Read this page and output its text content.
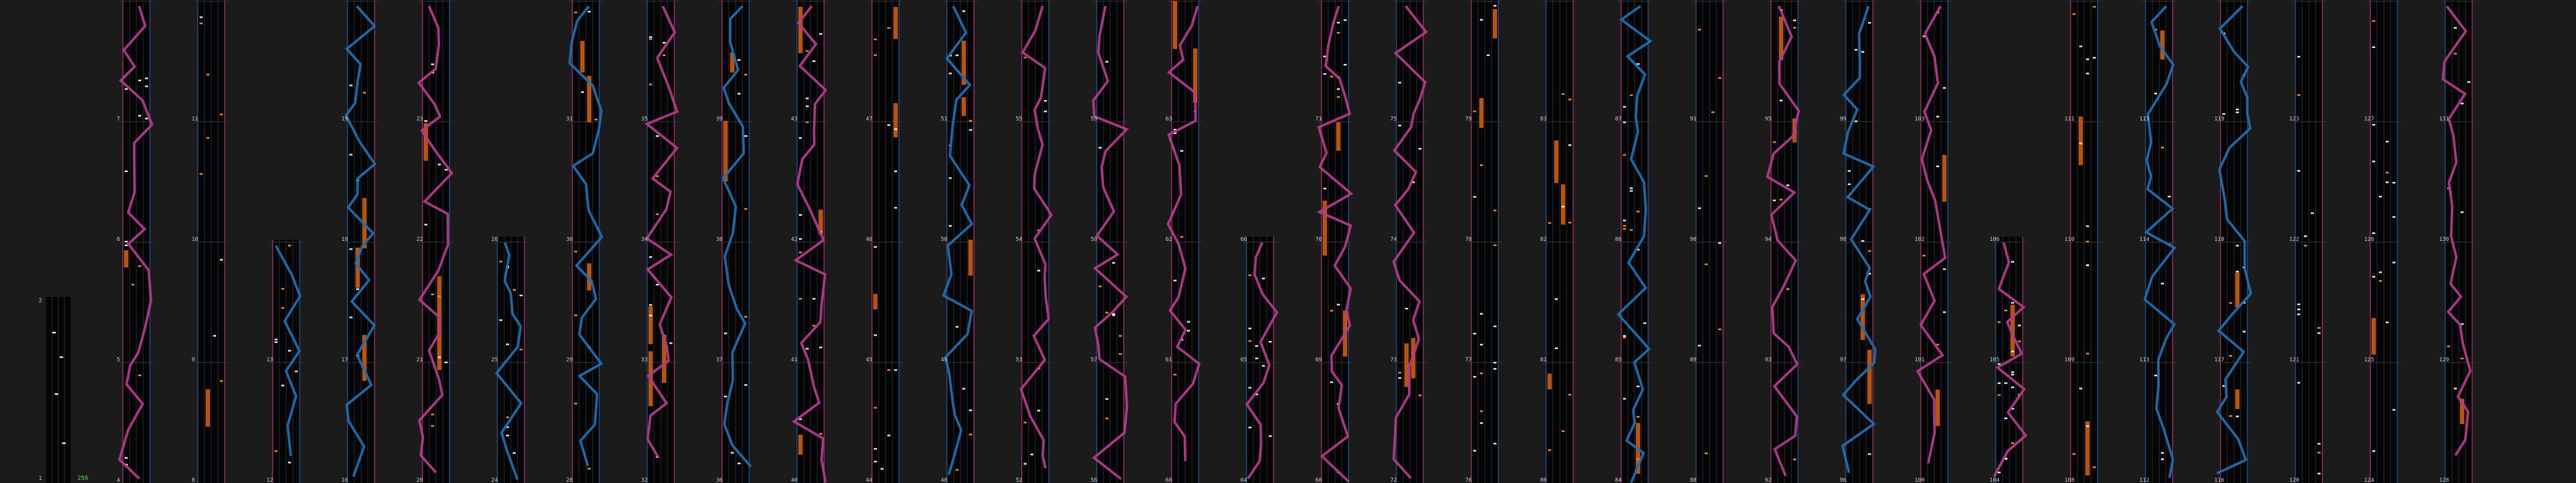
2
1	4
5
6
7
8
9
10
11
12
13
16
17
18
19
20
21
22
23
24
25
26
28
29
30
31
32
33
34
35
36
37
38
39
40
41
42
43
44
45
46
47
48
49
50
51
52
53
54
55
56
57
58
59
60
61
62
63
64
65
66
68
69
70
71
72
73
74
75
76
77
78
79
80
81
82
83
84
85
86
87
88
89
90
91
92
93
94
95
96
97
98
99
100
101
102
103
104
105
106
108
109
110
111
112
113
114
115
116
117
118
119
120
121
122
123
124
125
126
127
128
129
130
131
256
